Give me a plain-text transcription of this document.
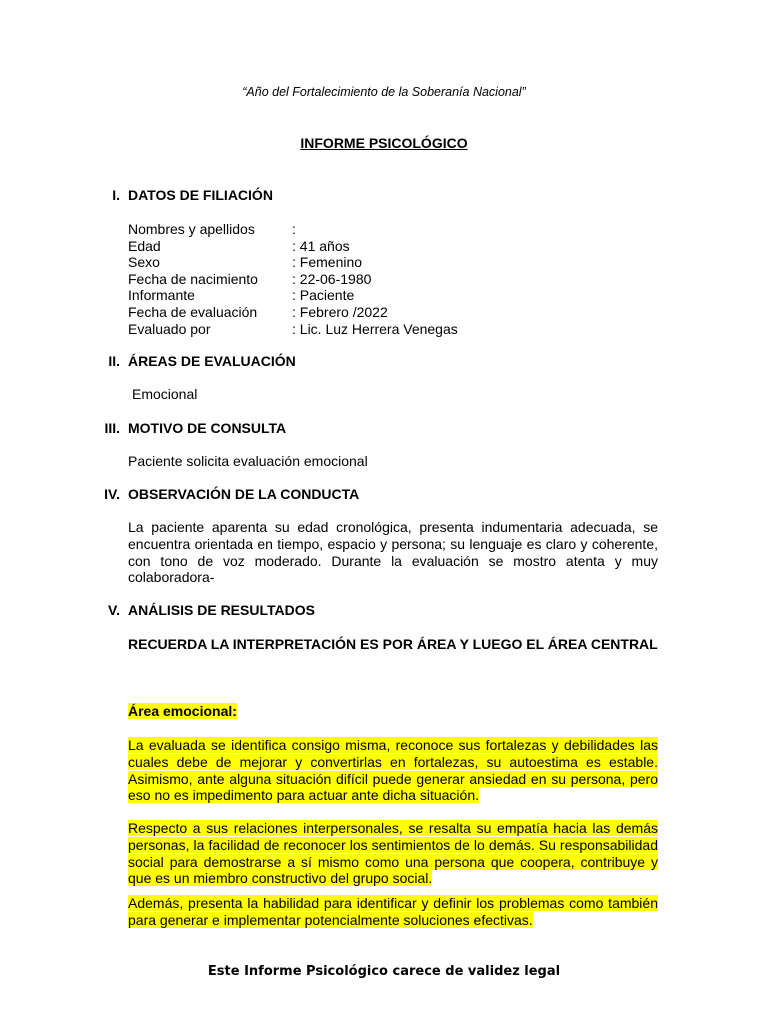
“Año del Fortalecimiento de la Soberanía Nacional”
INFORME PSICOLÓGICO
I. DATOS DE FILIACIÓN
Nombres y apellidos	:
Edad	: 41 años
Sexo	: Femenino
Fecha de nacimiento	: 22-06-1980
Informante	: Paciente
Fecha de evaluación	: Febrero /2022
Evaluado por	: Lic. Luz Herrera Venegas
II. ÁREAS DE EVALUACIÓN
Emocional
III. MOTIVO DE CONSULTA
Paciente solicita evaluación emocional
IV. OBSERVACIÓN DE LA CONDUCTA
La paciente aparenta su edad cronológica, presenta indumentaria adecuada, se encuentra orientada en tiempo, espacio y persona; su lenguaje es claro y coherente, con tono de voz moderado. Durante la evaluación se mostro atenta y muy colaboradora-
V. ANÁLISIS DE RESULTADOS
RECUERDA LA INTERPRETACIÓN ES POR ÁREA Y LUEGO EL ÁREA CENTRAL
Área emocional:
La evaluada se identifica consigo misma, reconoce sus fortalezas y debilidades las cuales debe de mejorar y convertirlas en fortalezas, su autoestima es estable. Asimismo, ante alguna situación difícil puede generar ansiedad en su persona, pero eso no es impedimento para actuar ante dicha situación.
Respecto a sus relaciones interpersonales, se resalta su empatía hacia las demás personas, la facilidad de reconocer los sentimientos de lo demás. Su responsabilidad social para demostrarse a sí mismo como una persona que coopera, contribuye y que es un miembro constructivo del grupo social.
Además, presenta la habilidad para identificar y definir los problemas como también para generar e implementar potencialmente soluciones efectivas.
Este Informe Psicológico carece de validez legal
